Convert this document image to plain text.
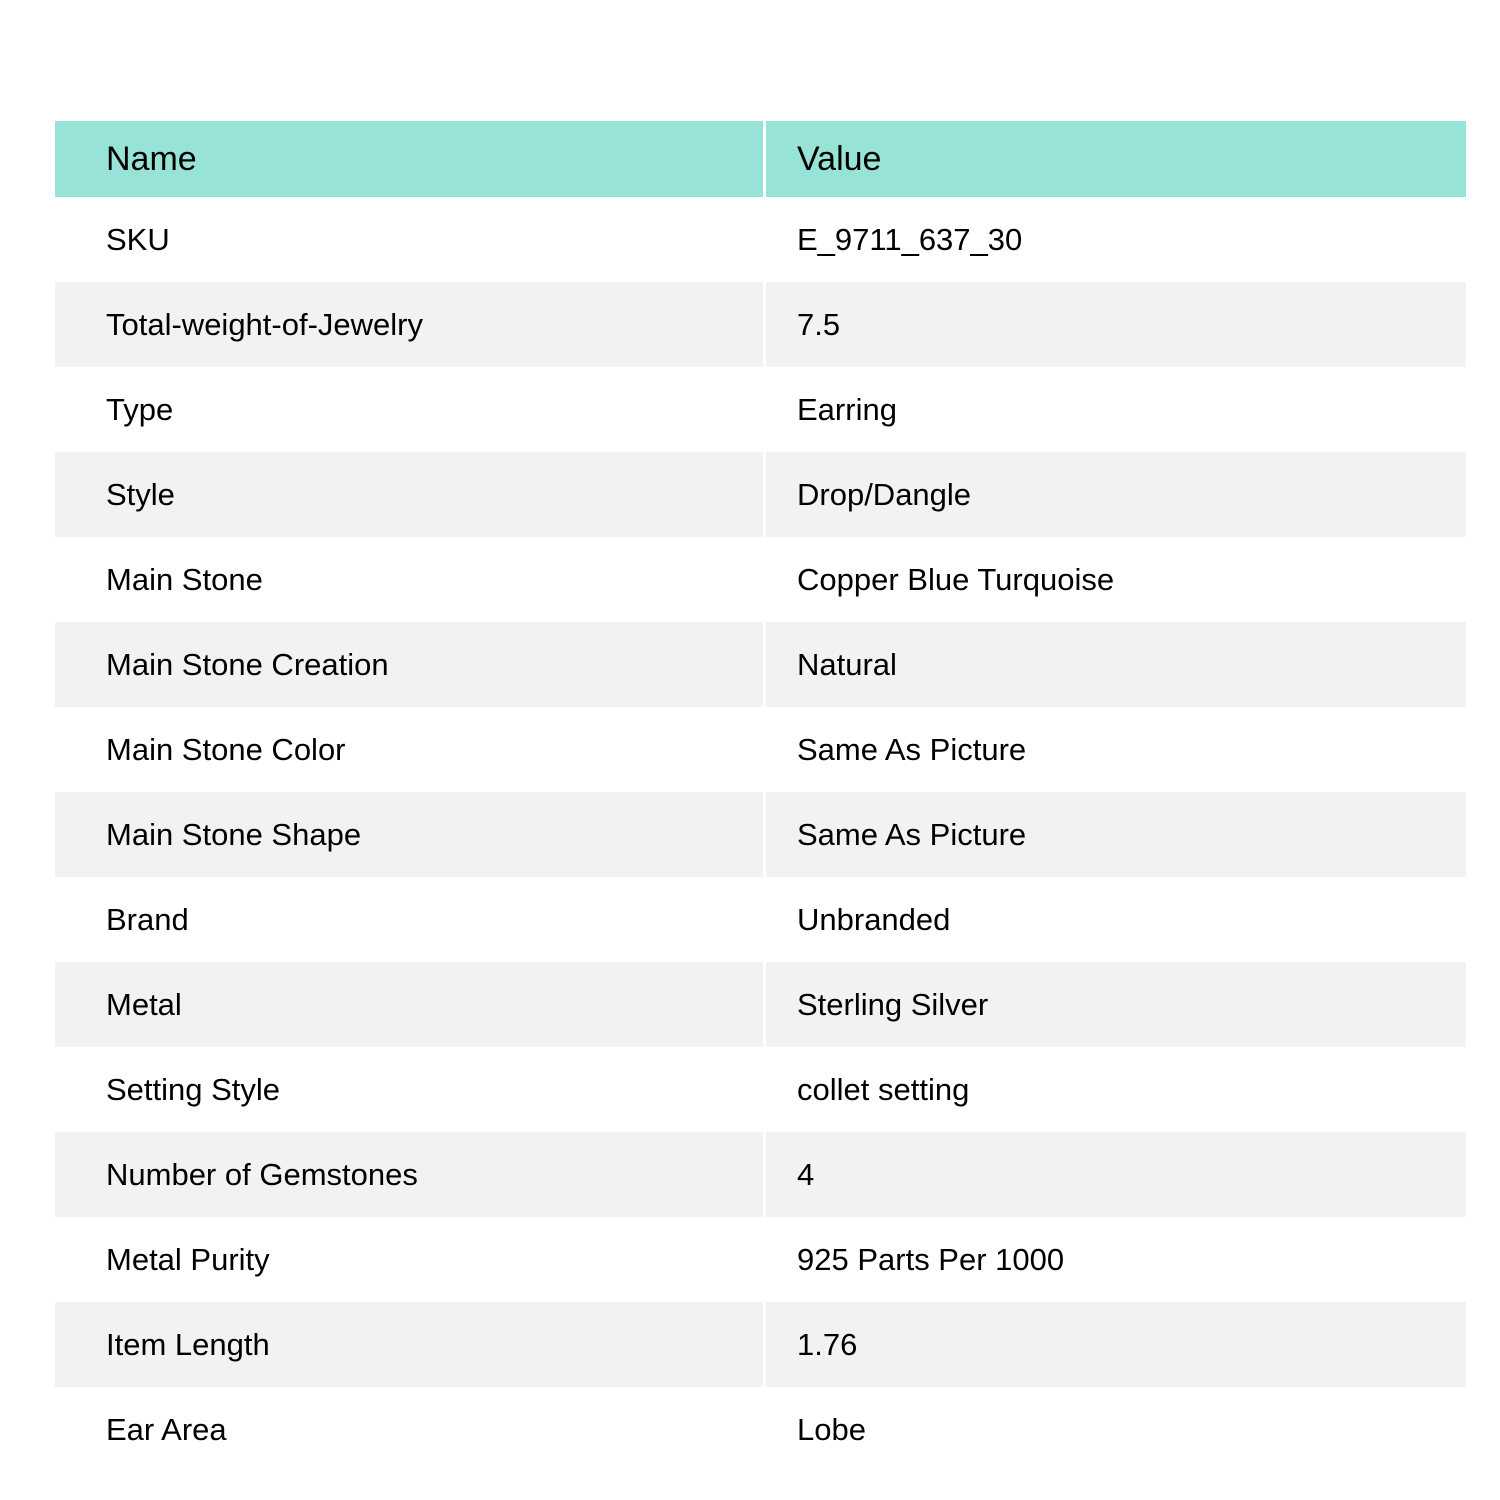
Name	Value
SKU	E_9711_637_30
Total-weight-of-Jewelry	7.5
Type	Earring
Style	Drop/Dangle
Main Stone	Copper Blue Turquoise
Main Stone Creation	Natural
Main Stone Color	Same As Picture
Main Stone Shape	Same As Picture
Brand	Unbranded
Metal	Sterling Silver
Setting Style	collet setting
Number of Gemstones	4
Metal Purity	925 Parts Per 1000
Item Length	1.76
Ear Area	Lobe
